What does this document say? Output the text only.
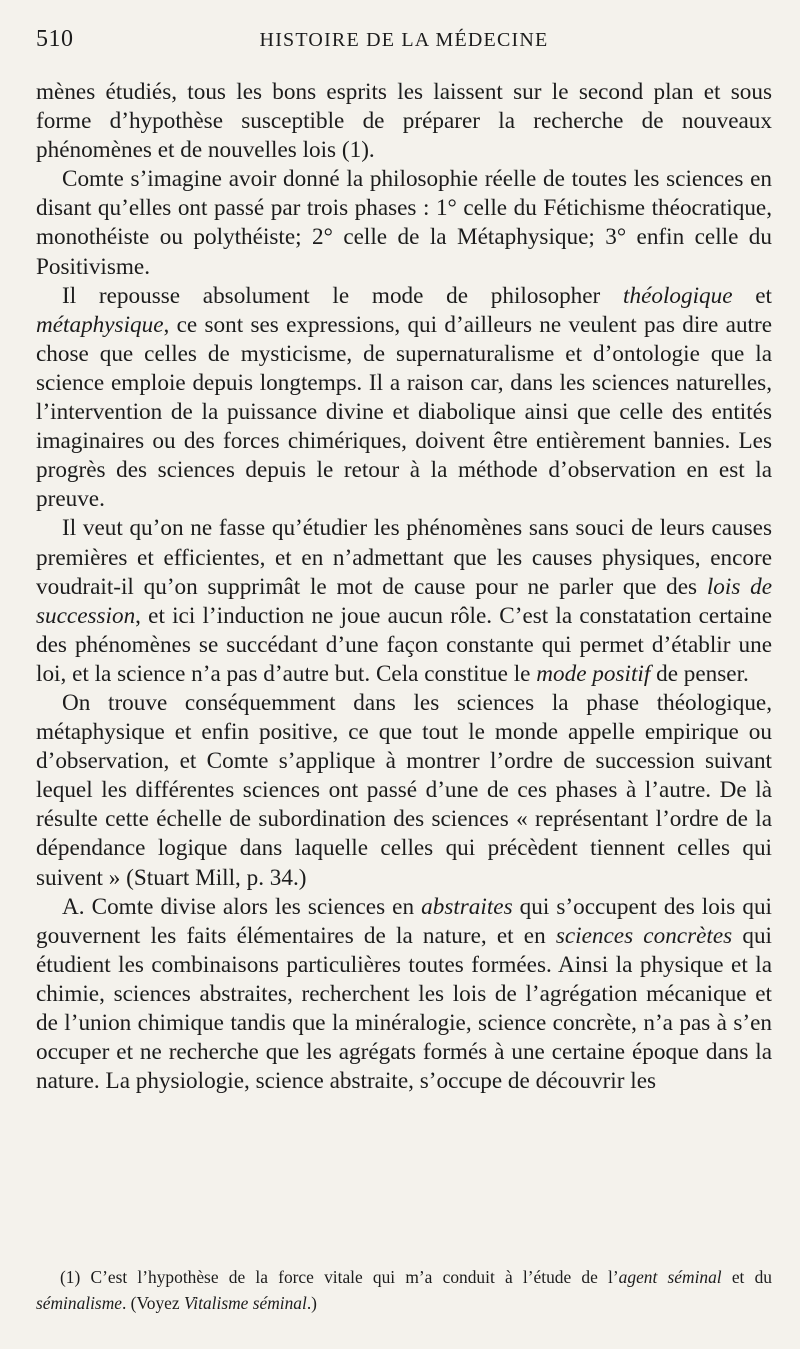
510	HISTOIRE DE LA MÉDECINE

mènes étudiés, tous les bons esprits les laissent sur le second plan et sous forme d’hypothèse susceptible de préparer la recherche de nouveaux phénomènes et de nouvelles lois (1).

Comte s’imagine avoir donné la philosophie réelle de toutes les sciences en disant qu’elles ont passé par trois phases : 1° celle du Fétichisme théocratique, monothéiste ou polythéiste; 2° celle de la Métaphysique; 3° enfin celle du Positivisme.

Il repousse absolument le mode de philosopher théologique et métaphysique, ce sont ses expressions, qui d’ailleurs ne veulent pas dire autre chose que celles de mysticisme, de supernaturalisme et d’ontologie que la science emploie depuis longtemps. Il a raison car, dans les sciences naturelles, l’intervention de la puissance divine et diabolique ainsi que celle des entités imaginaires ou des forces chimériques, doivent être entièrement bannies. Les progrès des sciences depuis le retour à la méthode d’observation en est la preuve.

Il veut qu’on ne fasse qu’étudier les phénomènes sans souci de leurs causes premières et efficientes, et en n’admettant que les causes physiques, encore voudrait-il qu’on supprimât le mot de cause pour ne parler que des lois de succession, et ici l’induction ne joue aucun rôle. C’est la constatation certaine des phénomènes se succédant d’une façon constante qui permet d’établir une loi, et la science n’a pas d’autre but. Cela constitue le mode positif de penser.

On trouve conséquemment dans les sciences la phase théologique, métaphysique et enfin positive, ce que tout le monde appelle empirique ou d’observation, et Comte s’applique à montrer l’ordre de succession suivant lequel les différentes sciences ont passé d’une de ces phases à l’autre. De là résulte cette échelle de subordination des sciences « représentant l’ordre de la dépendance logique dans laquelle celles qui précèdent tiennent celles qui suivent » (Stuart Mill, p. 34.)

A. Comte divise alors les sciences en abstraites qui s’occupent des lois qui gouvernent les faits élémentaires de la nature, et en sciences concrètes qui étudient les combinaisons particulières toutes formées. Ainsi la physique et la chimie, sciences abstraites, recherchent les lois de l’agrégation mécanique et de l’union chimique tandis que la minéralogie, science concrète, n’a pas à s’en occuper et ne recherche que les agrégats formés à une certaine époque dans la nature. La physiologie, science abstraite, s’occupe de découvrir les

(1) C’est l’hypothèse de la force vitale qui m’a conduit à l’étude de l’agent séminal et du séminalisme. (Voyez Vitalisme séminal.)
